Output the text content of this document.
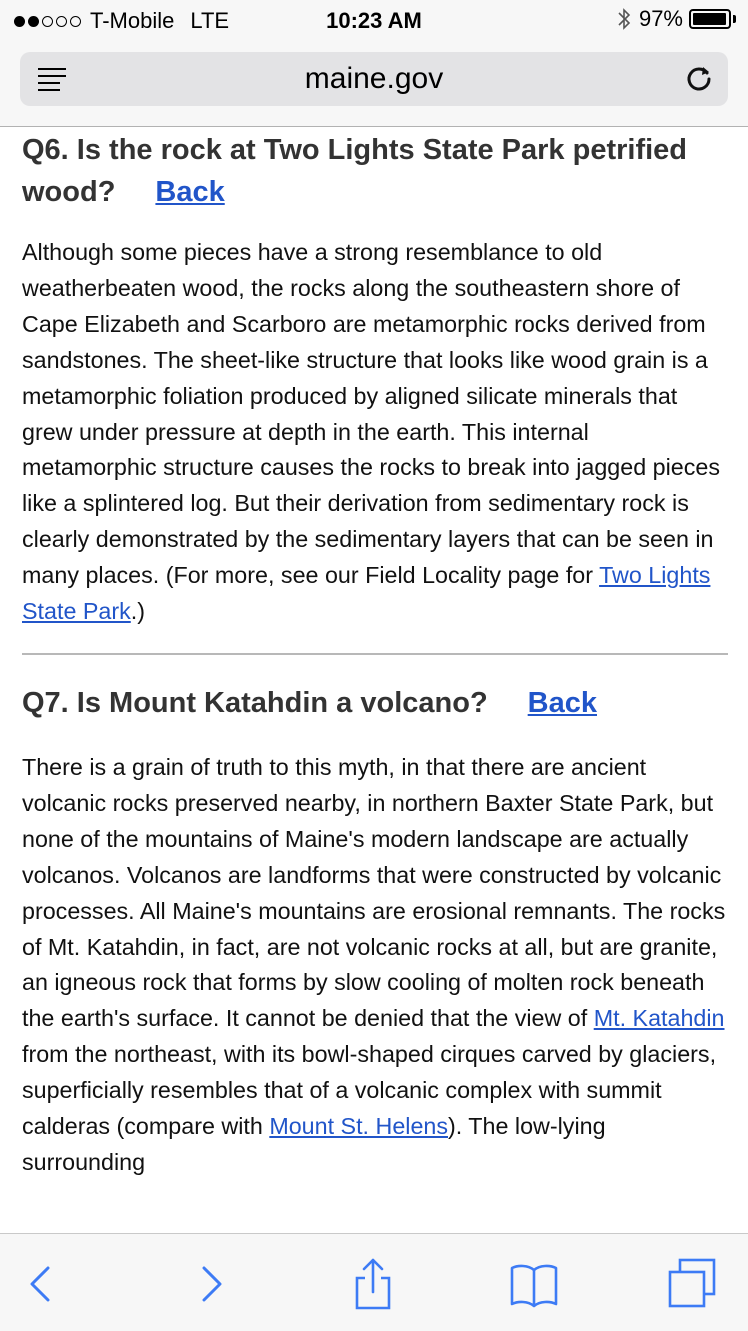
T-Mobile LTE	10:23 AM	97%
maine.gov
Q6. Is the rock at Two Lights State Park petrified wood? Back

Although some pieces have a strong resemblance to old weatherbeaten wood, the rocks along the southeastern shore of Cape Elizabeth and Scarboro are metamorphic rocks derived from sandstones. The sheet-like structure that looks like wood grain is a metamorphic foliation produced by aligned silicate minerals that grew under pressure at depth in the earth. This internal metamorphic structure causes the rocks to break into jagged pieces like a splintered log. But their derivation from sedimentary rock is clearly demonstrated by the sedimentary layers that can be seen in many places. (For more, see our Field Locality page for Two Lights State Park.)

Q7. Is Mount Katahdin a volcano? Back

There is a grain of truth to this myth, in that there are ancient volcanic rocks preserved nearby, in northern Baxter State Park, but none of the mountains of Maine's modern landscape are actually volcanos. Volcanos are landforms that were constructed by volcanic processes. All Maine's mountains are erosional remnants. The rocks of Mt. Katahdin, in fact, are not volcanic rocks at all, but are granite, an igneous rock that forms by slow cooling of molten rock beneath the earth's surface. It cannot be denied that the view of Mt. Katahdin from the northeast, with its bowl-shaped cirques carved by glaciers, superficially resembles that of a volcanic complex with summit calderas (compare with Mount St. Helens). The low-lying surrounding
